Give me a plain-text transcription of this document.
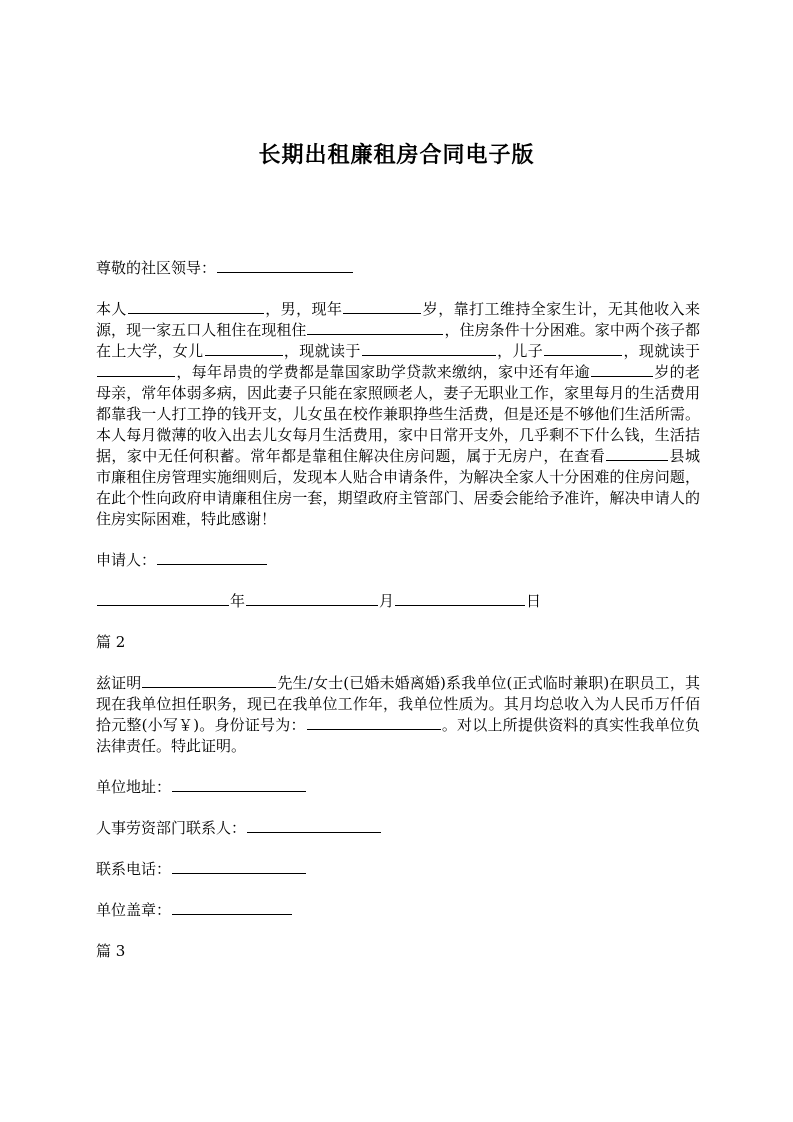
长期出租廉租房合同电子版

尊敬的社区领导：

本人	，男，现年	岁，靠打工维持全家生计，无其他收入来源，现一家五口人租住在现租住	，住房条件十分困难。家中两个孩子都在上大学，女儿	，现就读于	，儿子	，现就读于，每年昂贵的学费都是靠国家助学贷款来缴纳，家中还有年逾	岁的老母亲，常年体弱多病，因此妻子只能在家照顾老人，妻子无职业工作，家里每月的生活费用都靠我一人打工挣的钱开支，儿女虽在校作兼职挣些生活费，但是还是不够他们生活所需。本人每月微薄的收入出去儿女每月生活费用，家中日常开支外，几乎剩不下什么钱，生活拮据，家中无任何积蓄。常年都是靠租住解决住房问题，属于无房户，在查看	县城市廉租住房管理实施细则后，发现本人贴合申请条件，为解决全家人十分困难的住房问题，在此个性向政府申请廉租住房一套，期望政府主管部门、居委会能给予准许，解决申请人的住房实际困难，特此感谢！

申请人：

年	月	日

篇 2

兹证明	先生/女士(已婚未婚离婚)系我单位(正式临时兼职)在职员工，其现在我单位担任职务，现已在我单位工作年，我单位性质为。其月均总收入为人民币万仟佰拾元整(小写￥)。身份证号为：	。对以上所提供资料的真实性我单位负法律责任。特此证明。

单位地址：

人事劳资部门联系人：

联系电话：

单位盖章：

篇 3
